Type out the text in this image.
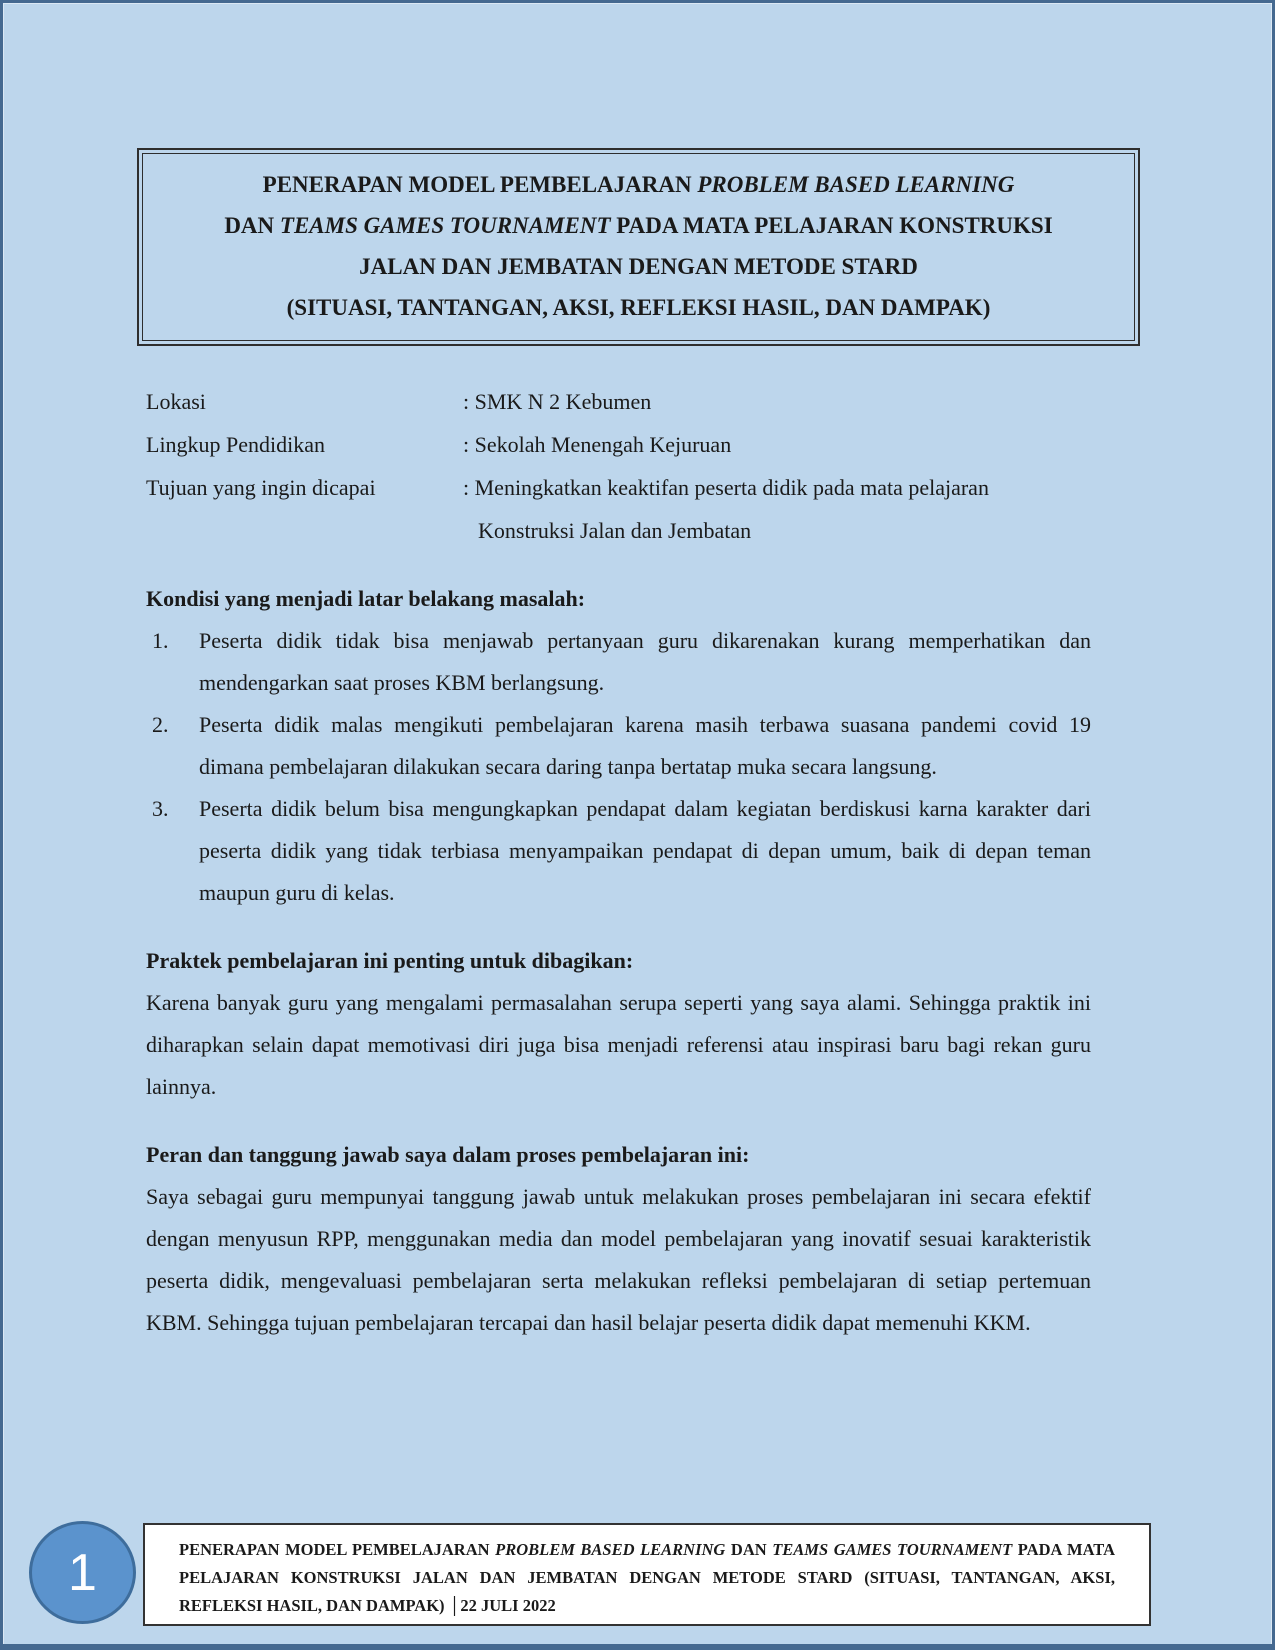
PENERAPAN MODEL PEMBELAJARAN PROBLEM BASED LEARNING
DAN TEAMS GAMES TOURNAMENT PADA MATA PELAJARAN KONSTRUKSI
JALAN DAN JEMBATAN DENGAN METODE STARD
(SITUASI, TANTANGAN, AKSI, REFLEKSI HASIL, DAN DAMPAK)
Lokasi	: SMK N 2 Kebumen
Lingkup Pendidikan	: Sekolah Menengah Kejuruan
Tujuan yang ingin dicapai	: Meningkatkan keaktifan peserta didik pada mata pelajaran
Konstruksi Jalan dan Jembatan
Kondisi yang menjadi latar belakang masalah:
1.	Peserta didik tidak bisa menjawab pertanyaan guru dikarenakan kurang memperhatikan dan mendengarkan saat proses KBM berlangsung.
2.	Peserta didik malas mengikuti pembelajaran karena masih terbawa suasana pandemi covid 19 dimana pembelajaran dilakukan secara daring tanpa bertatap muka secara langsung.
3.	Peserta didik belum bisa mengungkapkan pendapat dalam kegiatan berdiskusi karna karakter dari peserta didik yang tidak terbiasa menyampaikan pendapat di depan umum, baik di depan teman maupun guru di kelas.
Praktek pembelajaran ini penting untuk dibagikan:
Karena banyak guru yang mengalami permasalahan serupa seperti yang saya alami. Sehingga praktik ini diharapkan selain dapat memotivasi diri juga bisa menjadi referensi atau inspirasi baru bagi rekan guru lainnya.
Peran dan tanggung jawab saya dalam proses pembelajaran ini:
Saya sebagai guru mempunyai tanggung jawab untuk melakukan proses pembelajaran ini secara efektif dengan menyusun RPP, menggunakan media dan model pembelajaran yang inovatif sesuai karakteristik peserta didik, mengevaluasi pembelajaran serta melakukan refleksi pembelajaran di setiap pertemuan KBM. Sehingga tujuan pembelajaran tercapai dan hasil belajar peserta didik dapat memenuhi KKM.
1	PENERAPAN MODEL PEMBELAJARAN PROBLEM BASED LEARNING DAN TEAMS GAMES TOURNAMENT PADA MATA PELAJARAN KONSTRUKSI JALAN DAN JEMBATAN DENGAN METODE STARD (SITUASI, TANTANGAN, AKSI, REFLEKSI HASIL, DAN DAMPAK) │22 JULI 2022
